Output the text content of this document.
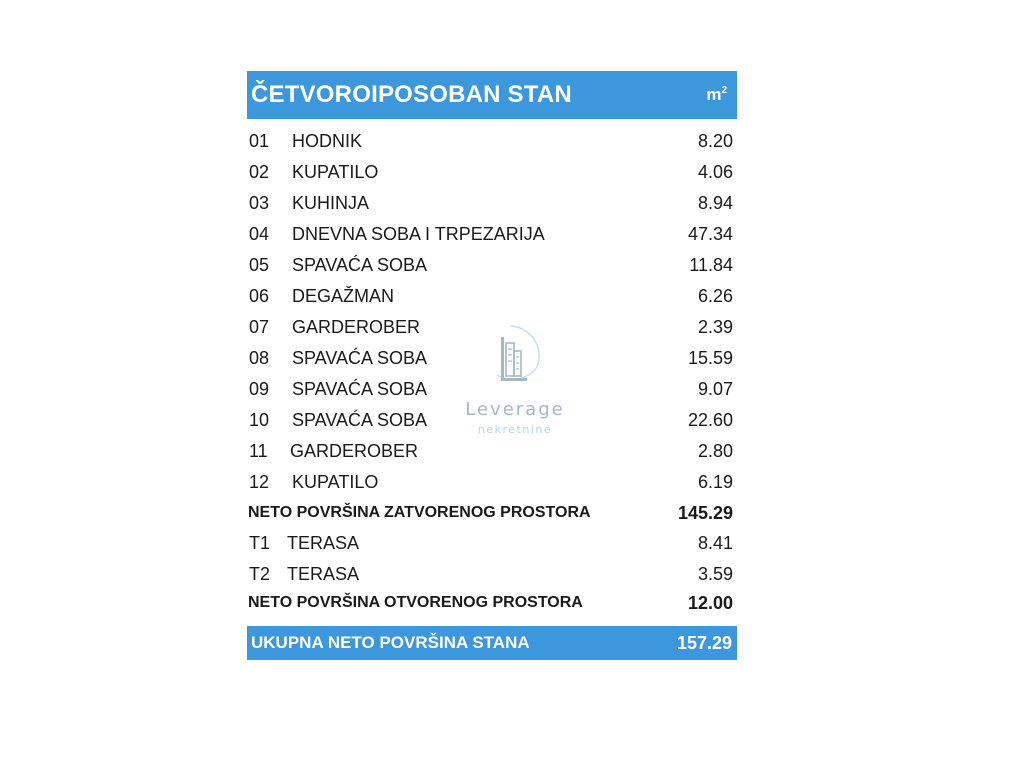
ČETVOROIPOSOBAN STAN	$m^2$
01	HODNIK	8.20
02	KUPATILO	4.06
03	KUHINJA	8.94
04	DNEVNA SOBA I TRPEZARIJA	47.34
05	SPAVAĆA SOBA	11.84
06	DEGAŽMAN	6.26
07	GARDEROBER	2.39
08	SPAVAĆA SOBA	15.59
09	SPAVAĆA SOBA	9.07
10	SPAVAĆA SOBA	22.60
11	GARDEROBER	2.80
12	KUPATILO	6.19
NETO POVRŠINA ZATVORENOG PROSTORA	145.29
T1 TERASA	8.41
T2 TERASA	3.59
NETO POVRŠINA OTVORENOG PROSTORA	12.00
UKUPNA NETO POVRŠINA STANA	157.29
Leverage
nekretnine
